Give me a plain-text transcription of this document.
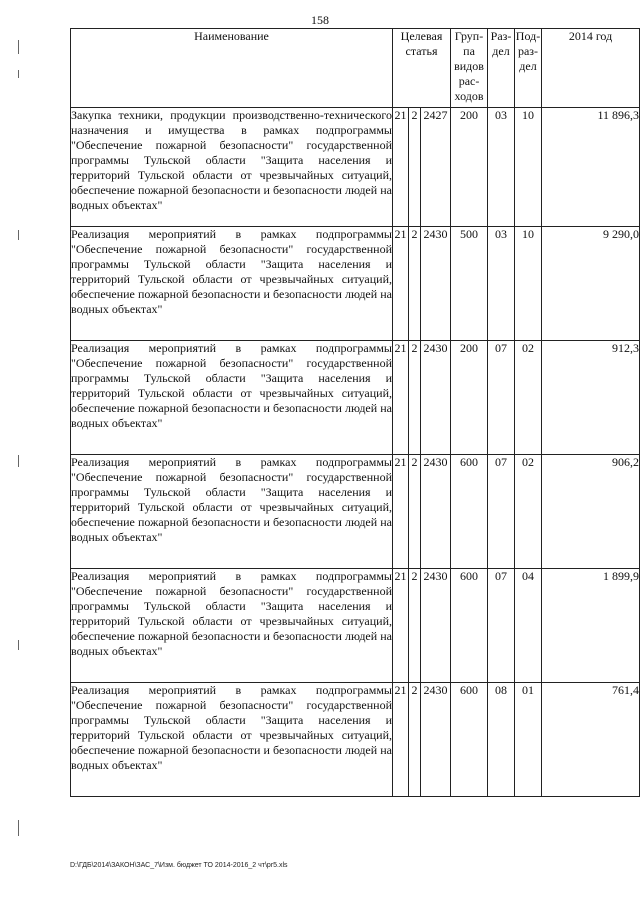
158
Наименование	Целевая статья			Груп-па видов рас-ходов	Раз-дел	Под-раз-дел	2014 год
Закупка техники, продукции производственно-технического назначения и имущества в рамках подпрограммы "Обеспечение пожарной безопасности" государственной программы Тульской области "Защита населения и территорий Тульской области от чрезвычайных ситуаций, обеспечение пожарной безопасности и безопасности людей на водных объектах"	21	2	2427	200	03	10	11 896,3
Реализация мероприятий в рамках подпрограммы "Обеспечение пожарной безопасности" государственной программы Тульской области "Защита населения и территорий Тульской области от чрезвычайных ситуаций, обеспечение пожарной безопасности и безопасности людей на водных объектах"	21	2	2430	500	03	10	9 290,0
Реализация мероприятий в рамках подпрограммы "Обеспечение пожарной безопасности" государственной программы Тульской области "Защита населения и территорий Тульской области от чрезвычайных ситуаций, обеспечение пожарной безопасности и безопасности людей на водных объектах"	21	2	2430	200	07	02	912,3
Реализация мероприятий в рамках подпрограммы "Обеспечение пожарной безопасности" государственной программы Тульской области "Защита населения и территорий Тульской области от чрезвычайных ситуаций, обеспечение пожарной безопасности и безопасности людей на водных объектах"	21	2	2430	600	07	02	906,2
Реализация мероприятий в рамках подпрограммы "Обеспечение пожарной безопасности" государственной программы Тульской области "Защита населения и территорий Тульской области от чрезвычайных ситуаций, обеспечение пожарной безопасности и безопасности людей на водных объектах"	21	2	2430	600	07	04	1 899,9
Реализация мероприятий в рамках подпрограммы "Обеспечение пожарной безопасности" государственной программы Тульской области "Защита населения и территорий Тульской области от чрезвычайных ситуаций, обеспечение пожарной безопасности и безопасности людей на водных объектах"	21	2	2430	600	08	01	761,4
D:\ГДБ\2014\ЗАКОН\ЗАС_7\Изм. бюджет ТО 2014-2016_2 чт\pr5.xls
